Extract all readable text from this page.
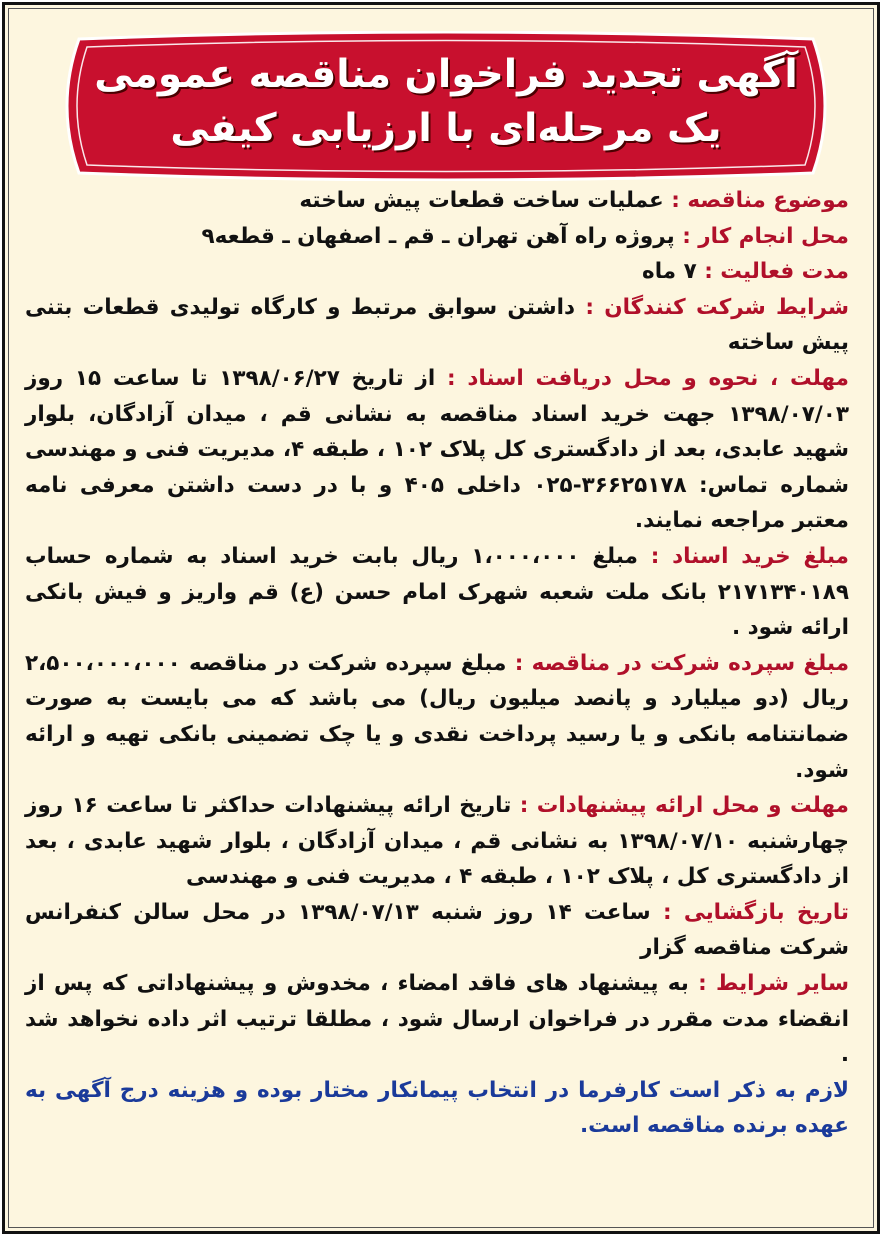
آگهی تجدید فراخوان مناقصه عمومی
یک مرحله‌ای با ارزیابی کیفی

موضوع مناقصه : عملیات ساخت قطعات پیش ساخته

محل انجام کار : پروژه راه آهن تهران ـ قم ـ اصفهان ـ قطعه۹

مدت فعالیت : ۷ ماه

شرایط شرکت کنندگان : داشتن سوابق مرتبط و کارگاه تولیدی قطعات بتنی پیش ساخته

مهلت ، نحوه و محل دریافت اسناد : از تاریخ ۱۳۹۸/۰۶/۲۷ تا ساعت ۱۵ روز ۱۳۹۸/۰۷/۰۳ جهت خرید اسناد مناقصه به نشانی قم ، میدان آزادگان، بلوار شهید عابدی، بعد از دادگستری کل پلاک ۱۰۲ ، طبقه ۴، مدیریت فنی و مهندسی شماره تماس: ۳۶۶۲۵۱۷۸-۰۲۵ داخلی ۴۰۵ و با در دست داشتن معرفی نامه معتبر مراجعه نمایند.

مبلغ خرید اسناد : مبلغ ۱،۰۰۰،۰۰۰ ریال بابت خرید اسناد به شماره حساب ۲۱۷۱۳۴۰۱۸۹ بانک ملت شعبه شهرک امام حسن (ع) قم واریز و فیش بانکی ارائه شود .

مبلغ سپرده شرکت در مناقصه : مبلغ سپرده شرکت در مناقصه ۲،۵۰۰،۰۰۰،۰۰۰ ریال (دو میلیارد و پانصد میلیون ریال) می باشد که می بایست به صورت ضمانتنامه بانکی و یا رسید پرداخت نقدی و یا چک تضمینی بانکی تهیه و ارائه شود.

مهلت و محل ارائه پیشنهادات : تاریخ ارائه پیشنهادات حداکثر تا ساعت ۱۶ روز چهارشنبه ۱۳۹۸/۰۷/۱۰ به نشانی قم ، میدان آزادگان ، بلوار شهید عابدی ، بعد از دادگستری کل ، پلاک ۱۰۲ ، طبقه ۴ ، مدیریت فنی و مهندسی

تاریخ بازگشایی : ساعت ۱۴ روز شنبه ۱۳۹۸/۰۷/۱۳ در محل سالن کنفرانس شرکت مناقصه گزار

سایر شرایط : به پیشنهاد های فاقد امضاء ، مخدوش و پیشنهاداتی که پس از انقضاء مدت مقرر در فراخوان ارسال شود ، مطلقا ترتیب اثر داده نخواهد شد .

لازم به ذکر است کارفرما در انتخاب پیمانکار مختار بوده و هزینه درج آگهی به عهده برنده مناقصه است.
